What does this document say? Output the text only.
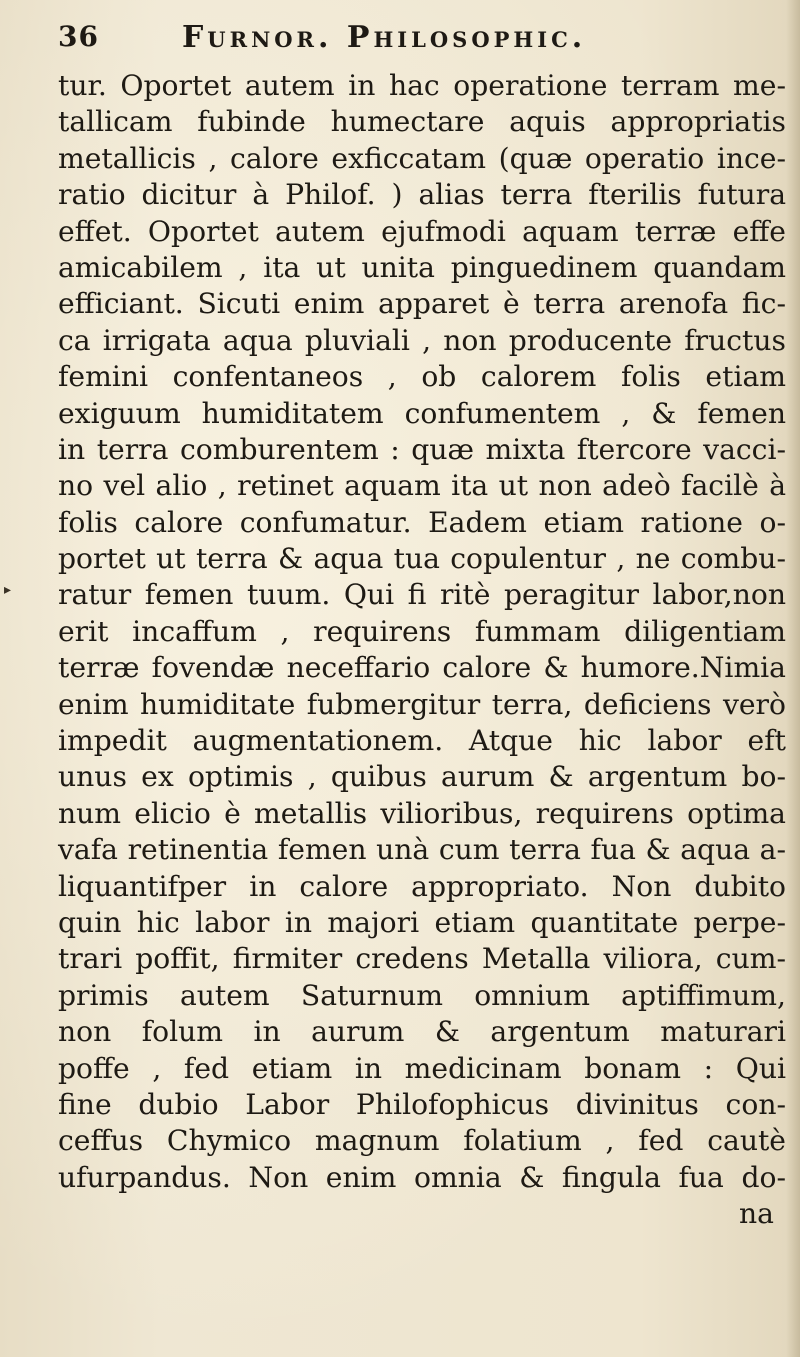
36	Furnor. Philosophic.
▸
tur. Oportet autem in hac operatione terram me-
tallicam fubinde humectare aquis appropriatis
metallicis , calore exficcatam (quæ operatio ince-
ratio dicitur à Philof. ) alias terra fterilis futura
effet. Oportet autem ejufmodi aquam terræ effe
amicabilem , ita ut unita pinguedinem quandam
efficiant. Sicuti enim apparet è terra arenofa fic-
ca irrigata aqua pluviali , non producente fructus
femini confentaneos , ob calorem folis etiam
exiguum humiditatem confumentem , & femen
in terra comburentem : quæ mixta ftercore vacci-
no vel alio , retinet aquam ita ut non adeò facilè à
folis calore confumatur. Eadem etiam ratione o-
portet ut terra & aqua tua copulentur , ne combu-
ratur femen tuum. Qui fi ritè peragitur labor,non
erit incaffum , requirens fummam diligentiam
terræ fovendæ neceffario calore & humore.Nimia
enim humiditate fubmergitur terra, deficiens verò
impedit augmentationem. Atque hic labor eft
unus ex optimis , quibus aurum & argentum bo-
num elicio è metallis vilioribus, requirens optima
vafa retinentia femen unà cum terra fua & aqua a-
liquantifper in calore appropriato. Non dubito
quin hic labor in majori etiam quantitate perpe-
trari poffit, firmiter credens Metalla viliora, cum-
primis autem Saturnum omnium aptiffimum,
non folum in aurum & argentum maturari
poffe , fed etiam in medicinam bonam : Qui
fine dubio Labor Philofophicus divinitus con-
ceffus Chymico magnum folatium , fed cautè
ufurpandus. Non enim omnia & fingula fua do-
na
